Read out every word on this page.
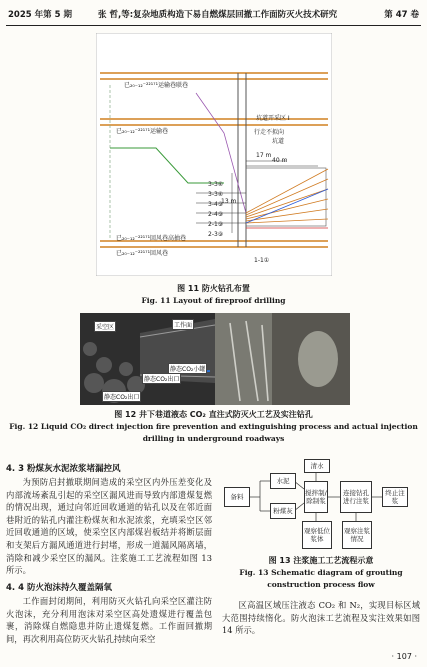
2025 年第 5 期	张 哲,等:复杂地质构造下易自燃煤层回撤工作面防灭火技术研究	第 47 卷
已₂₀₋₁₂⁻²²¹⁷¹运输巷联巷
已₂₀₋₁₂⁻²²¹⁷¹运输巷
已₂₀₋₁₂⁻²²¹⁷¹回风巷高抽巷
已₂₀₋₁₂⁻²²¹⁷¹回风巷
行走不拟向
坑道
坑道开采区 I
40 m
17 m
13 m
1-1①
3-3④
3-3④
3-4⑨
2-4⑨
2-1⑨
2-3⑨
图 11 防火钻孔布置
Fig. 11 Layout of fireproof drilling
采空区	工作面
静态CO₂出口
静态CO₂小罐
静态CO₂出口
图 12 井下巷道液态 CO₂ 直注式防灭火工艺及实注钻孔
Fig. 12 Liquid CO₂ direct injection fire prevention and extinguishing process and actual injection
drilling in underground roadways
4. 3 粉煤灰水泥浓浆堵漏控风
为预防启封撤联期间造成的采空区内外压差变化及内部流场紊乱引起的采空区漏风进而导致内部遗煤复燃的情况出现，通过向邻近回收通道的钻孔以及在邻近面巷附近的钻孔内灌注粉煤灰和水泥浓浆，充填采空区邻近回收通道的区域，使采空区内部煤岩板结并将断层面和支架后方漏风通道进行封堵，形成一道漏风隔离墙，消除和减少采空区的漏风。注浆施工工艺流程如图 13 所示。
4. 4 防火泡沫持久覆盖隔氧
工作面封闭期间，利用防灭火钻孔向采空区灌注防火泡沫，充分利用泡沫对采空区高处遗煤进行覆盖包裹，消除煤自燃隐患并防止遗煤复燃。工作面回撤期间，再次利用高位防灭火钻孔持续向采空
备料
水泥
清水
粉煤灰
搅拌制/除制浆
连接钻孔进行注浆
终止注浆
观察低位浆体
观察注浆情况
图 13 注浆施工工艺流程示意
Fig. 13 Schematic diagram of grouting
construction process flow
区高温区域压注液态 CO₂ 和 N₂，实现目标区域大范围持续惰化。防火泡沫工艺流程及实注效果如图 14 所示。
· 107 ·
